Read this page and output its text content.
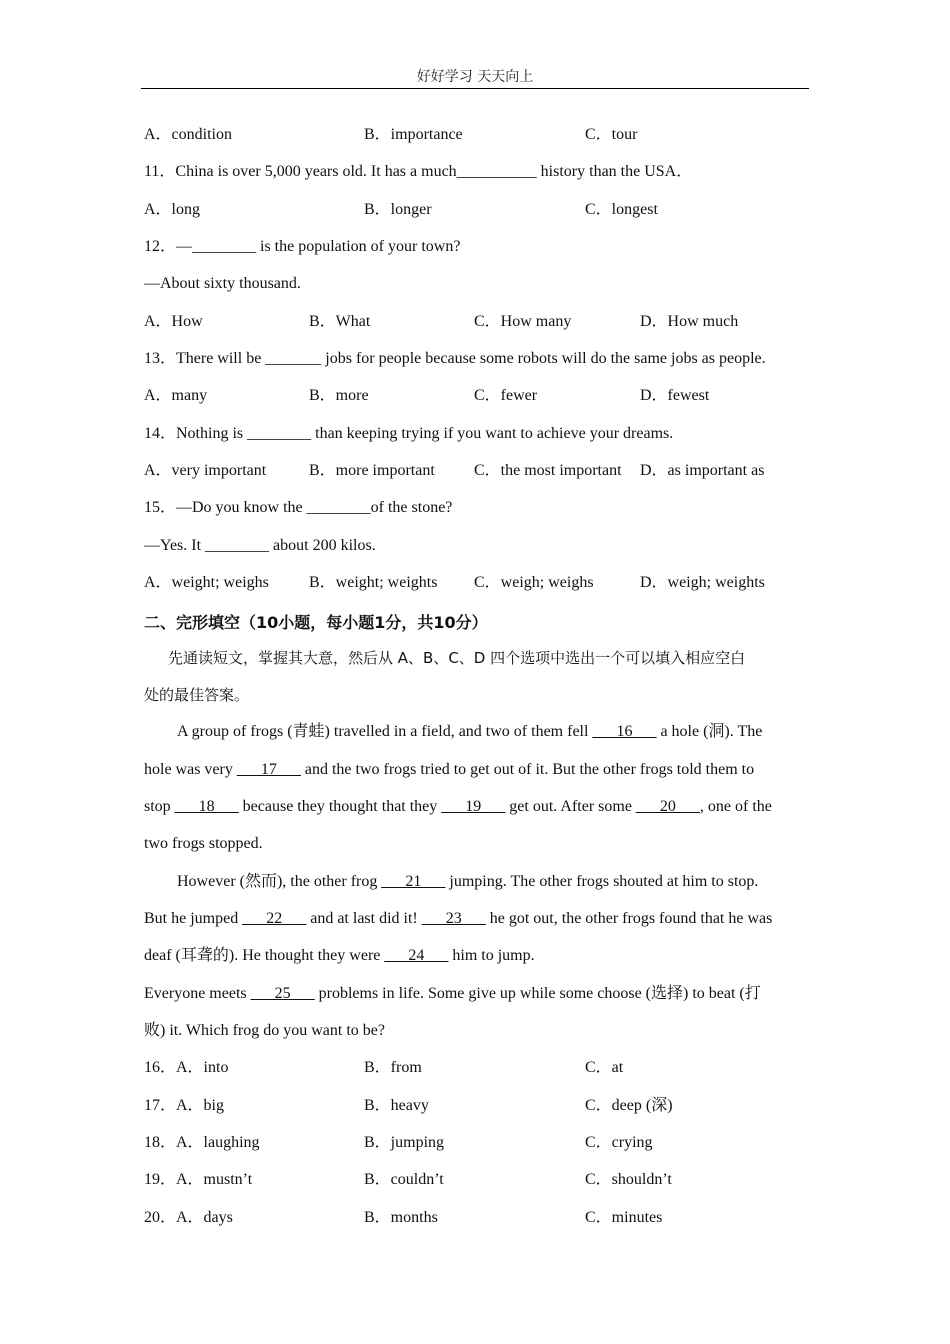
好好学习 天天向上
A．condition	B．importance	C．tour
11．China is over 5,000 years old. It has a much__________ history than the USA．
A．long	B．longer	C．longest
12．—________ is the population of your town?
—About sixty thousand.
A．How	B．What	C．How many	D．How much
13．There will be _______ jobs for people because some robots will do the same jobs as people.
A．many	B．more	C．fewer	D．fewest
14．Nothing is ________ than keeping trying if you want to achieve your dreams.
A．very important	B．more important C．the most important D．as important as
15．—Do you know the ________of the stone?
—Yes. It ________ about 200 kilos.
A．weight; weighs	B．weight; weights C．weigh; weighs	D．weigh; weights
二、完形填空（10小题，每小题1分，共10分）
先通读短文，掌握其大意，然后从 A、B、C、D 四个选项中选出一个可以填入相应空白
处的最佳答案。
A group of frogs (青蛙) travelled in a field, and two of them fell ___16___ a hole (洞). The
hole was very ___17___ and the two frogs tried to get out of it. But the other frogs told them to
stop ___18___ because they thought that they ___19___ get out. After some ___20___, one of the
two frogs stopped.
However (然而), the other frog ___21___ jumping. The other frogs shouted at him to stop.
But he jumped ___22___ and at last did it! ___23___ he got out, the other frogs found that he was
deaf (耳聋的). He thought they were ___24___ him to jump.
Everyone meets ___25___ problems in life. Some give up while some choose (选择) to beat (打
败) it. Which frog do you want to be?
16．A．into	B．from	C．at
17．A．big	B．heavy	C．deep (深)
18．A．laughing	B．jumping	C．crying
19．A．mustn’t	B．couldn’t	C．shouldn’t
20．A．days	B．months	C．minutes
